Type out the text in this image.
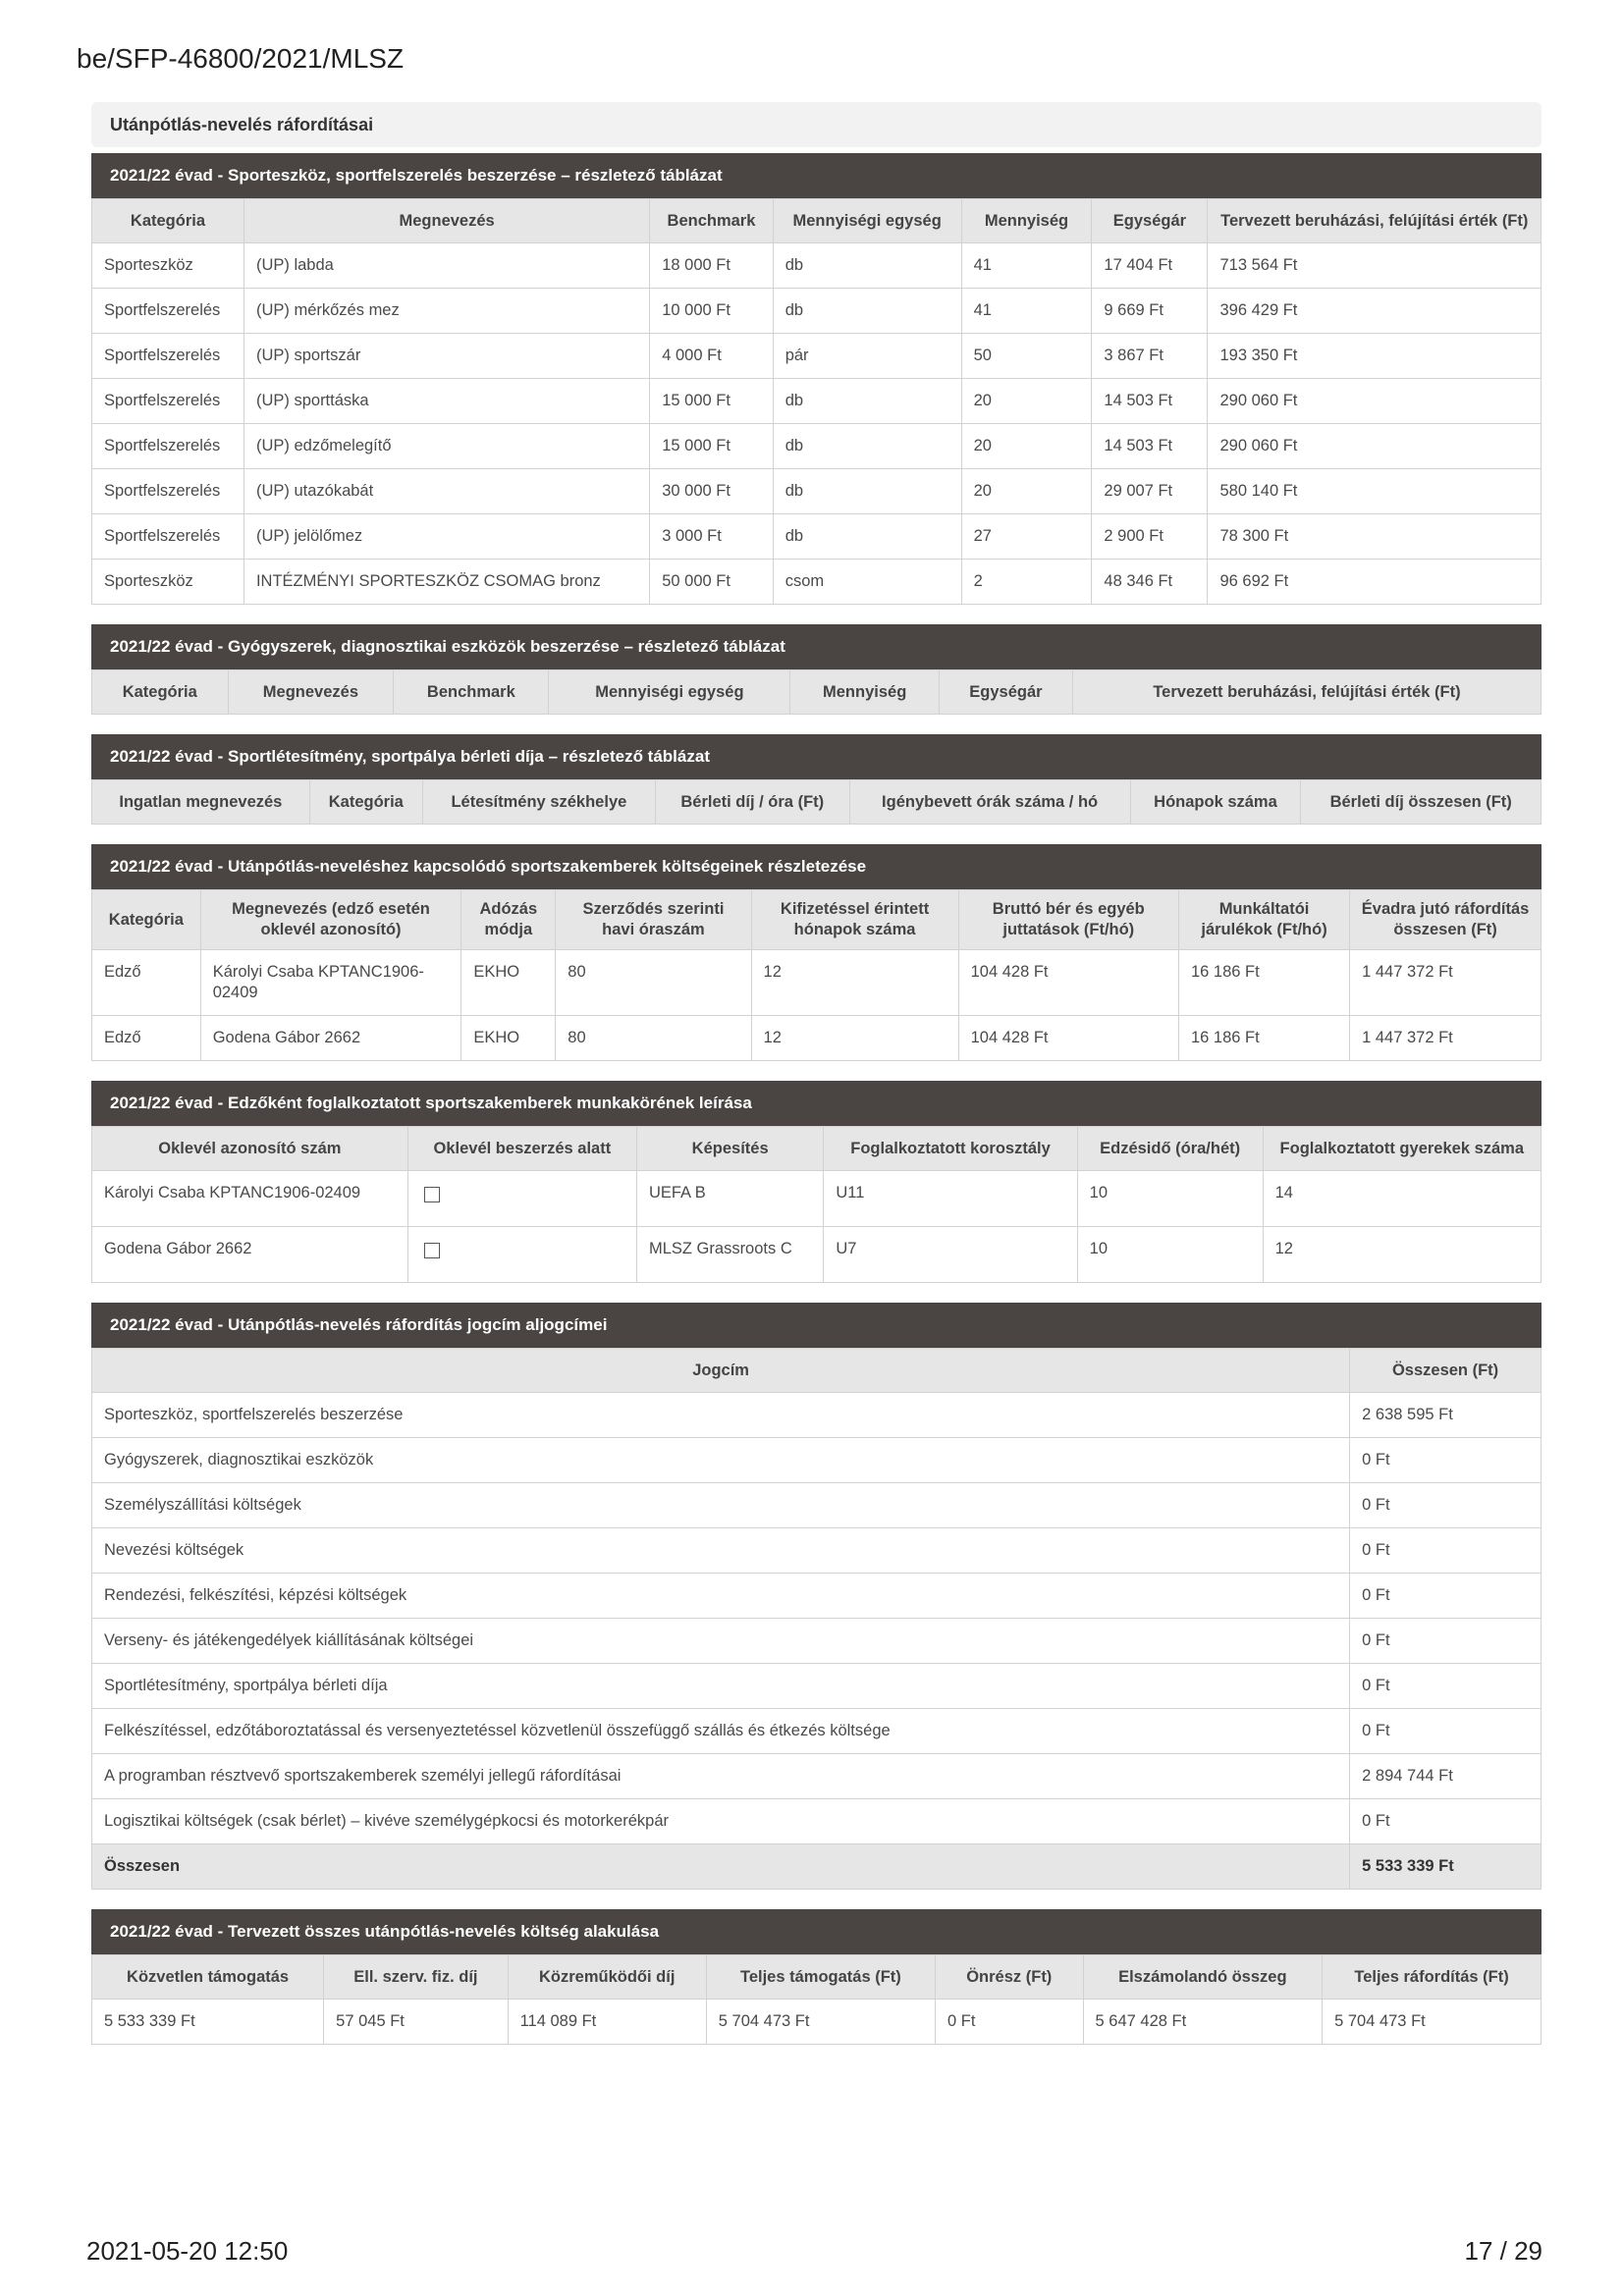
be/SFP-46800/2021/MLSZ
Utánpótlás-nevelés ráfordításai
2021/22 évad - Sporteszköz, sportfelszerelés beszerzése – részletező táblázat
Kategória	Megnevezés	Benchmark	Mennyiségi egység	Mennyiség	Egységár	Tervezett beruházási, felújítási érték (Ft)
Sporteszköz	(UP) labda	18 000 Ft	db	41	17 404 Ft	713 564 Ft
Sportfelszerelés	(UP) mérkőzés mez	10 000 Ft	db	41	9 669 Ft	396 429 Ft
Sportfelszerelés	(UP) sportszár	4 000 Ft	pár	50	3 867 Ft	193 350 Ft
Sportfelszerelés	(UP) sporttáska	15 000 Ft	db	20	14 503 Ft	290 060 Ft
Sportfelszerelés	(UP) edzőmelegítő	15 000 Ft	db	20	14 503 Ft	290 060 Ft
Sportfelszerelés	(UP) utazókabát	30 000 Ft	db	20	29 007 Ft	580 140 Ft
Sportfelszerelés	(UP) jelölőmez	3 000 Ft	db	27	2 900 Ft	78 300 Ft
Sporteszköz	INTÉZMÉNYI SPORTESZKÖZ CSOMAG bronz	50 000 Ft	csom	2	48 346 Ft	96 692 Ft
2021/22 évad - Gyógyszerek, diagnosztikai eszközök beszerzése – részletező táblázat
Kategória	Megnevezés	Benchmark	Mennyiségi egység	Mennyiség	Egységár	Tervezett beruházási, felújítási érték (Ft)
2021/22 évad - Sportlétesítmény, sportpálya bérleti díja – részletező táblázat
Ingatlan megnevezés	Kategória	Létesítmény székhelye	Bérleti díj / óra (Ft)	Igénybevett órák száma / hó	Hónapok száma	Bérleti díj összesen (Ft)
2021/22 évad - Utánpótlás-neveléshez kapcsolódó sportszakemberek költségeinek részletezése
Kategória	Megnevezés (edző esetén oklevél azonosító)	Adózás módja	Szerződés szerinti havi óraszám	Kifizetéssel érintett hónapok száma	Bruttó bér és egyéb juttatások (Ft/hó)	Munkáltatói járulékok (Ft/hó)	Évadra jutó ráfordítás összesen (Ft)
Edző	Károlyi Csaba KPTANC1906-02409	EKHO	80	12	104 428 Ft	16 186 Ft	1 447 372 Ft
Edző	Godena Gábor 2662	EKHO	80	12	104 428 Ft	16 186 Ft	1 447 372 Ft
2021/22 évad - Edzőként foglalkoztatott sportszakemberek munkakörének leírása
Oklevél azonosító szám	Oklevél beszerzés alatt	Képesítés	Foglalkoztatott korosztály	Edzésidő (óra/hét)	Foglalkoztatott gyerekek száma
Károlyi Csaba KPTANC1906-02409		UEFA B	U11	10	14
Godena Gábor 2662		MLSZ Grassroots C	U7	10	12
2021/22 évad - Utánpótlás-nevelés ráfordítás jogcím aljogcímei
Jogcím	Összesen (Ft)
Sporteszköz, sportfelszerelés beszerzése	2 638 595 Ft
Gyógyszerek, diagnosztikai eszközök	0 Ft
Személyszállítási költségek	0 Ft
Nevezési költségek	0 Ft
Rendezési, felkészítési, képzési költségek	0 Ft
Verseny- és játékengedélyek kiállításának költségei	0 Ft
Sportlétesítmény, sportpálya bérleti díja	0 Ft
Felkészítéssel, edzőtáboroztatással és versenyeztetéssel közvetlenül összefüggő szállás és étkezés költsége	0 Ft
A programban résztvevő sportszakemberek személyi jellegű ráfordításai	2 894 744 Ft
Logisztikai költségek (csak bérlet) – kivéve személygépkocsi és motorkerékpár	0 Ft
Összesen	5 533 339 Ft
2021/22 évad - Tervezett összes utánpótlás-nevelés költség alakulása
Közvetlen támogatás	Ell. szerv. fiz. díj	Közreműködői díj	Teljes támogatás (Ft)	Önrész (Ft)	Elszámolandó összeg	Teljes ráfordítás (Ft)
5 533 339 Ft	57 045 Ft	114 089 Ft	5 704 473 Ft	0 Ft	5 647 428 Ft	5 704 473 Ft
2021-05-20 12:50	17 / 29
